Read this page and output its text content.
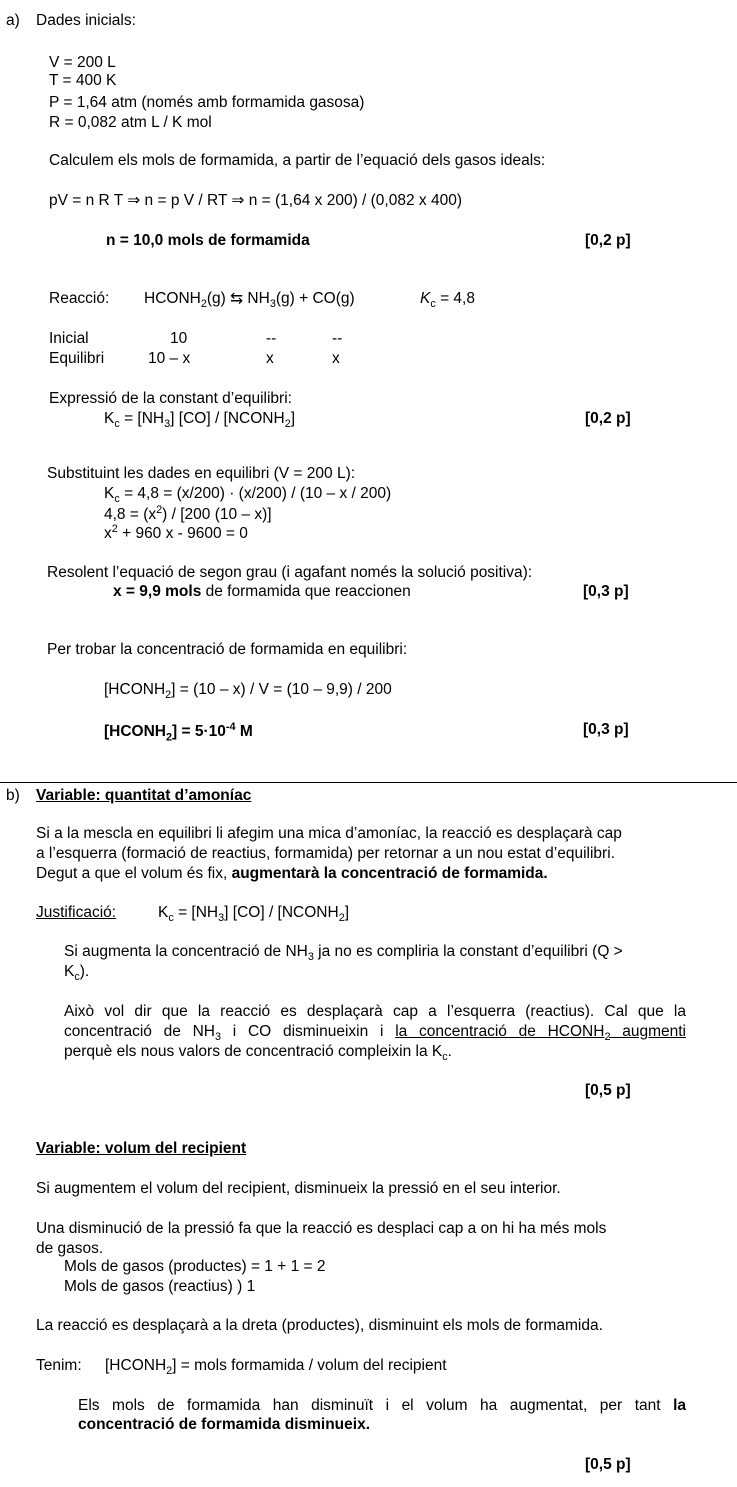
a) Dades inicials:
V = 200 L
T = 400 K
P = 1,64 atm (només amb formamida gasosa)
R = 0,082 atm L / K mol
Calculem els mols de formamida, a partir de l’equació dels gasos ideals:
pV = n R T ⇒ n = p V / RT ⇒ n = (1,64 x 200) / (0,082 x 400)
n = 10,0 mols de formamida	[0,2 p]
Reacció: $HCONH_2(g)$ ⇆ $NH_3(g) + CO(g)$	$K_c = 4,8$
Inicial	10	--	--
Equilibri	10 – x	x	x
Expressió de la constant d’equilibri:
$K_c = [NH_3]$ $[CO] / [NCONH_2]$	[0,2 p]
Substituint les dades en equilibri (V = 200 L):
$K_c = 4,8 = (x/200) \cdot (x/200) / (10 - x / 200)$
$4,8 = (x^2) / [200$ (10 – x)]
$x^2 + 960$ x - 9600 = 0
Resolent l’equació de segon grau (i agafant només la solució positiva):
x = 9,9 mols de formamida que reaccionen	[0,3 p]
Per trobar la concentració de formamida en equilibri:
$[HCONH_2] = (10 - x) / V = (10 - 9,9) / 200$
$[HCONH_2] = 5\cdot 10^{-4}$ M	[0,3 p]
b) Variable: quantitat d’amoníac
Si a la mescla en equilibri li afegim una mica d’amoníac, la reacció es desplaçarà cap
a l’esquerra (formació de reactius, formamida) per retornar a un nou estat d’equilibri.
Degut a que el volum és fix, augmentarà la concentració de formamida.
Justificació:	$K_c = [NH_3]$ $[CO] / [NCONH_2]$
Si augmenta la concentració de $NH_3$ ja no es compliria la constant d’equilibri (Q >
$K_c$).
Això vol dir que la reacció es desplaçarà cap a l’esquerra (reactius). Cal que la
concentració de $NH_3$ i CO disminueixin i la concentració de $HCONH_2$ augmenti
perquè els nous valors de concentració compleixin la $K_c$.
[0,5 p]
Variable: volum del recipient
Si augmentem el volum del recipient, disminueix la pressió en el seu interior.
Una disminució de la pressió fa que la reacció es desplaci cap a on hi ha més mols
de gasos.
Mols de gasos (productes) = 1 + 1 = 2
Mols de gasos (reactius) ) 1
La reacció es desplaçarà a la dreta (productes), disminuint els mols de formamida.
Tenim: $[HCONH_2]$ = mols formamida / volum del recipient
Els mols de formamida han disminuït i el volum ha augmentat, per tant la
concentració de formamida disminueix.
[0,5 p]
